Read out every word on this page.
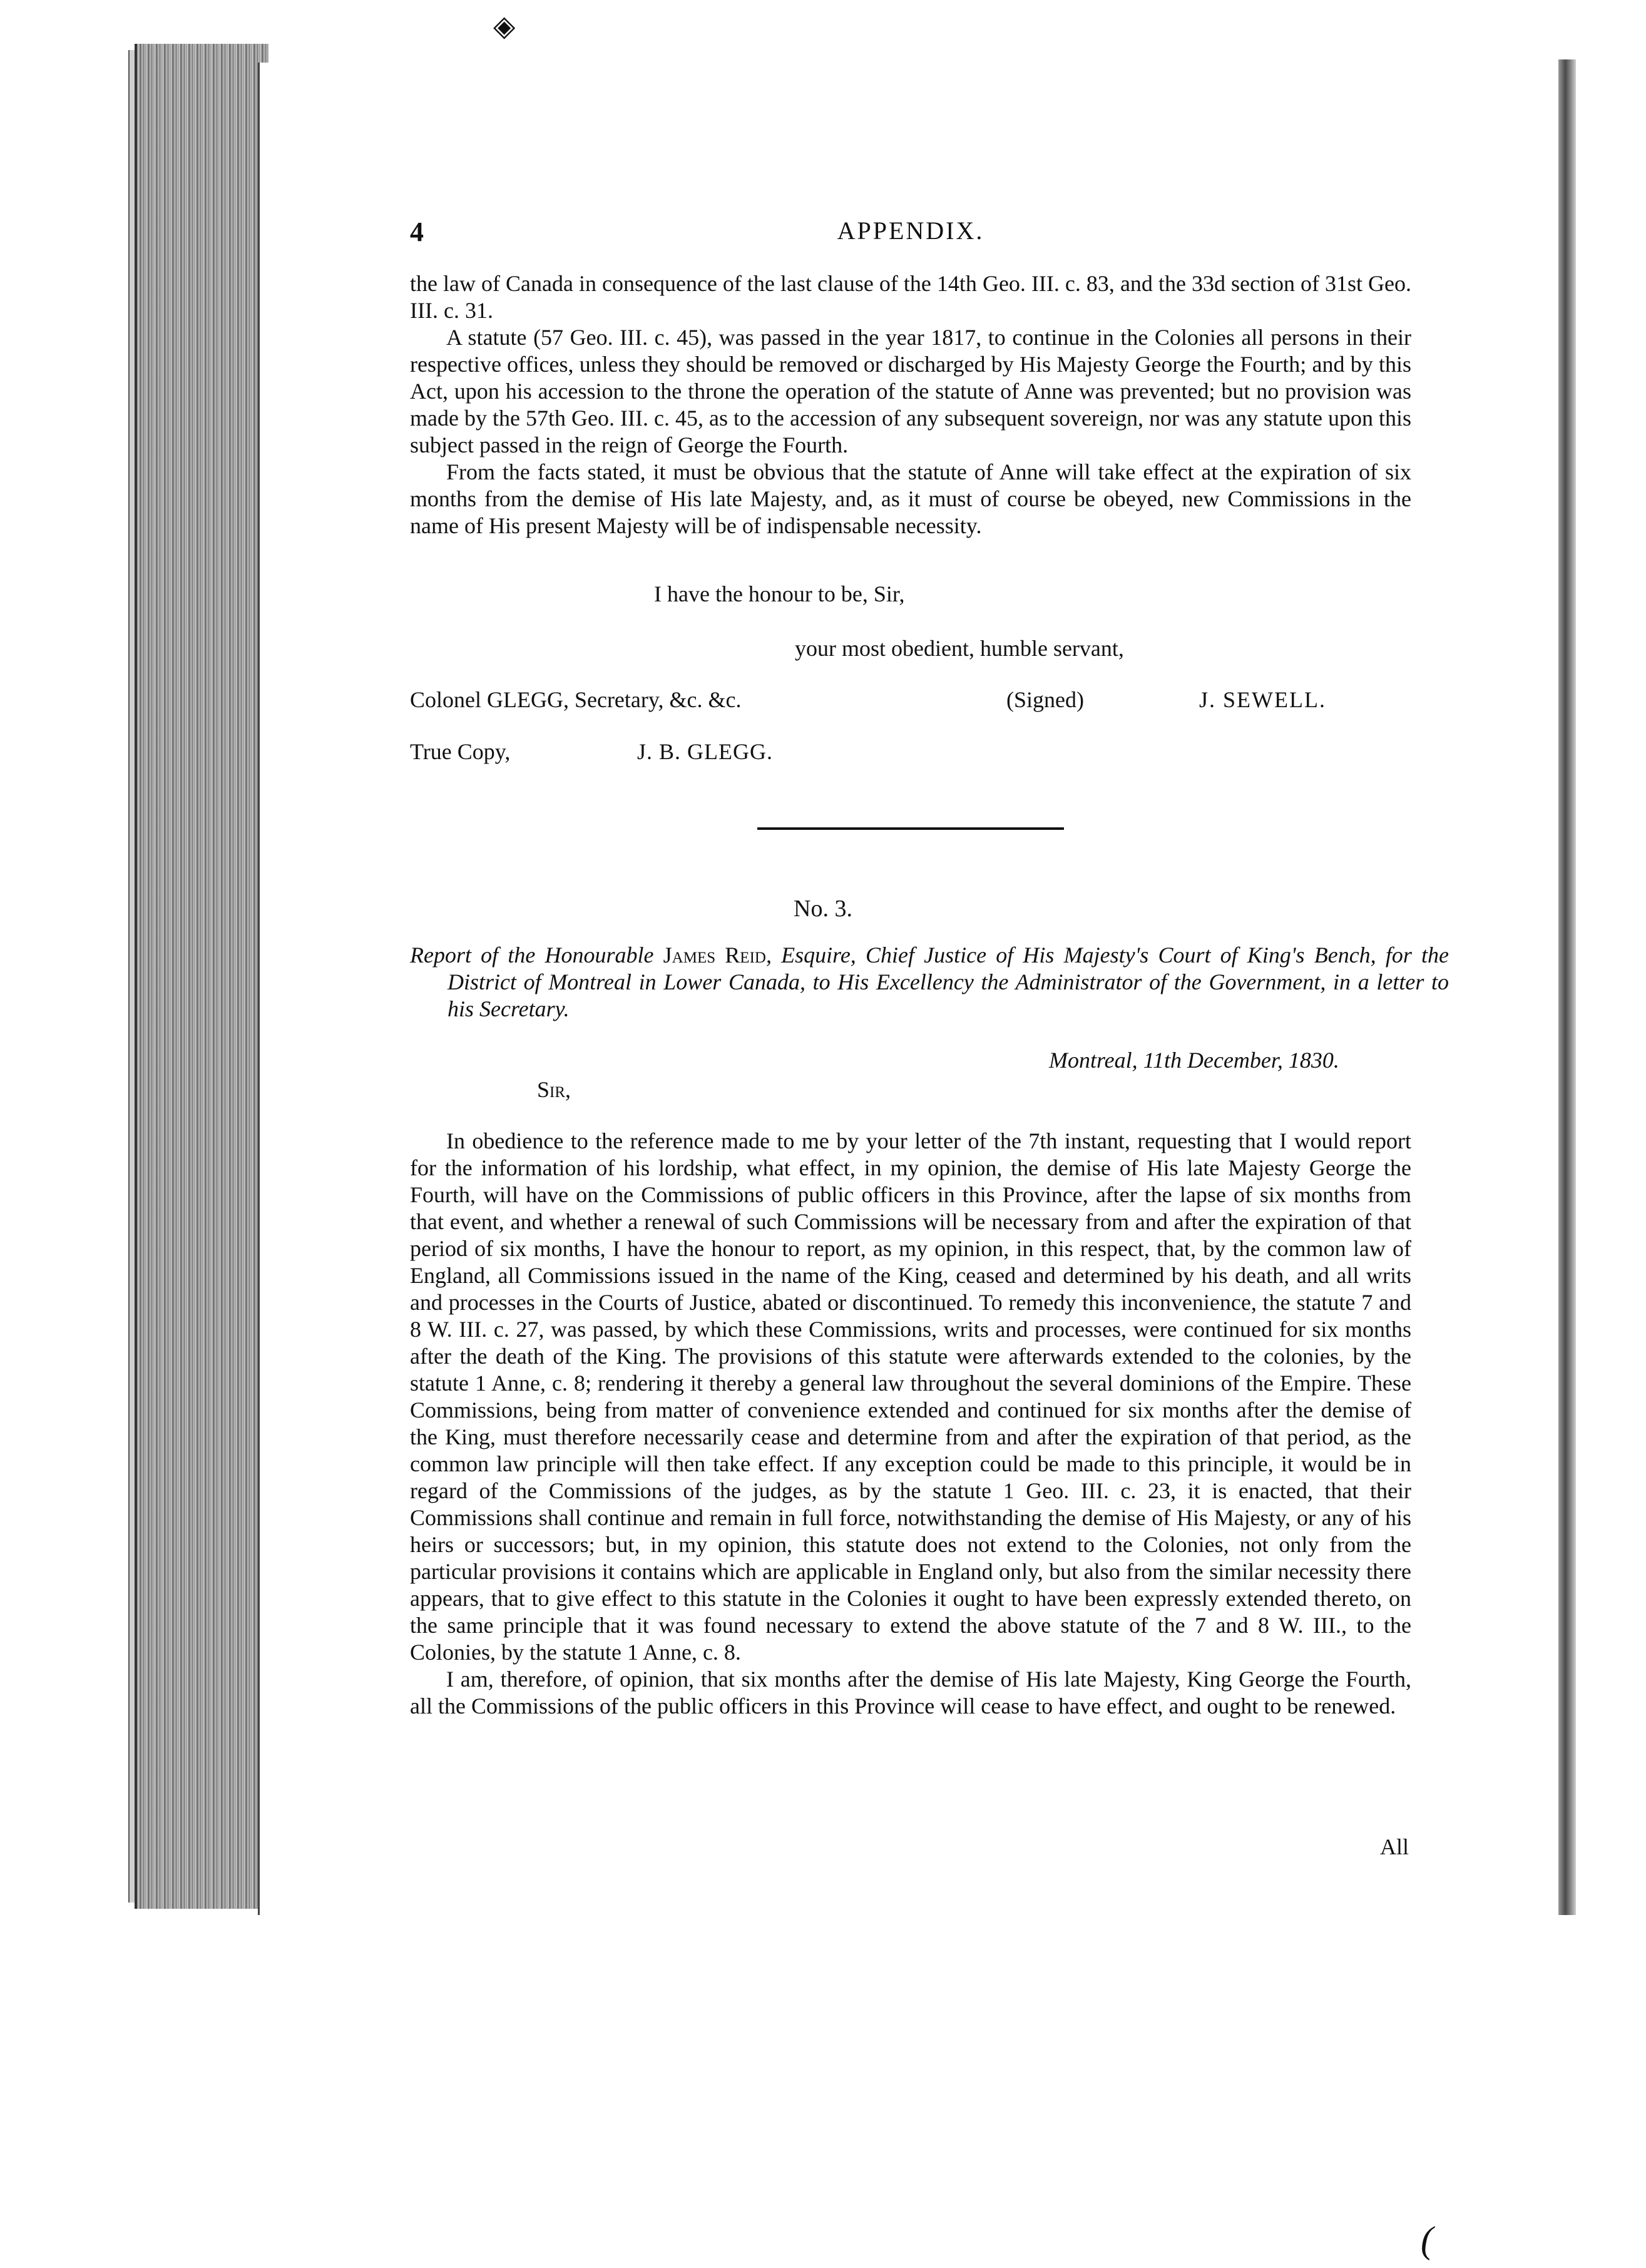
◈
(
4	APPENDIX.

the law of Canada in consequence of the last clause of the 14th Geo. III. c. 83, and the 33d section of 31st Geo. III. c. 31.

A statute (57 Geo. III. c. 45), was passed in the year 1817, to continue in the Colonies all persons in their respective offices, unless they should be removed or discharged by His Majesty George the Fourth; and by this Act, upon his accession to the throne the operation of the statute of Anne was prevented; but no provision was made by the 57th Geo. III. c. 45, as to the accession of any subsequent sovereign, nor was any statute upon this subject passed in the reign of George the Fourth.

From the facts stated, it must be obvious that the statute of Anne will take effect at the expiration of six months from the demise of His late Majesty, and, as it must of course be obeyed, new Commissions in the name of His present Majesty will be of indispensable necessity.

I have the honour to be, Sir,
your most obedient, humble servant,
Colonel GLEGG, Secretary, &c. &c.	(Signed)	J. SEWELL.
True Copy,	J. B. GLEGG.
No. 3.
Report of the Honourable James Reid, Esquire, Chief Justice of His Majesty's Court of King's Bench, for the District of Montreal in Lower Canada, to His Excellency the Administrator of the Government, in a letter to his Secretary.
Montreal, 11th December, 1830.
Sir,

In obedience to the reference made to me by your letter of the 7th instant, requesting that I would report for the information of his lordship, what effect, in my opinion, the demise of His late Majesty George the Fourth, will have on the Commissions of public officers in this Province, after the lapse of six months from that event, and whether a renewal of such Commissions will be necessary from and after the expiration of that period of six months, I have the honour to report, as my opinion, in this respect, that, by the common law of England, all Commissions issued in the name of the King, ceased and determined by his death, and all writs and processes in the Courts of Justice, abated or discontinued. To remedy this inconvenience, the statute 7 and 8 W. III. c. 27, was passed, by which these Commissions, writs and processes, were continued for six months after the death of the King. The provisions of this statute were afterwards extended to the colonies, by the statute 1 Anne, c. 8; rendering it thereby a general law throughout the several dominions of the Empire. These Commissions, being from matter of convenience extended and continued for six months after the demise of the King, must therefore necessarily cease and determine from and after the expiration of that period, as the common law principle will then take effect. If any exception could be made to this principle, it would be in regard of the Commissions of the judges, as by the statute 1 Geo. III. c. 23, it is enacted, that their Commissions shall continue and remain in full force, notwithstanding the demise of His Majesty, or any of his heirs or successors; but, in my opinion, this statute does not extend to the Colonies, not only from the particular provisions it contains which are applicable in England only, but also from the similar necessity there appears, that to give effect to this statute in the Colonies it ought to have been expressly extended thereto, on the same principle that it was found necessary to extend the above statute of the 7 and 8 W. III., to the Colonies, by the statute 1 Anne, c. 8.

I am, therefore, of opinion, that six months after the demise of His late Majesty, King George the Fourth, all the Commissions of the public officers in this Province will cease to have effect, and ought to be renewed.

All
